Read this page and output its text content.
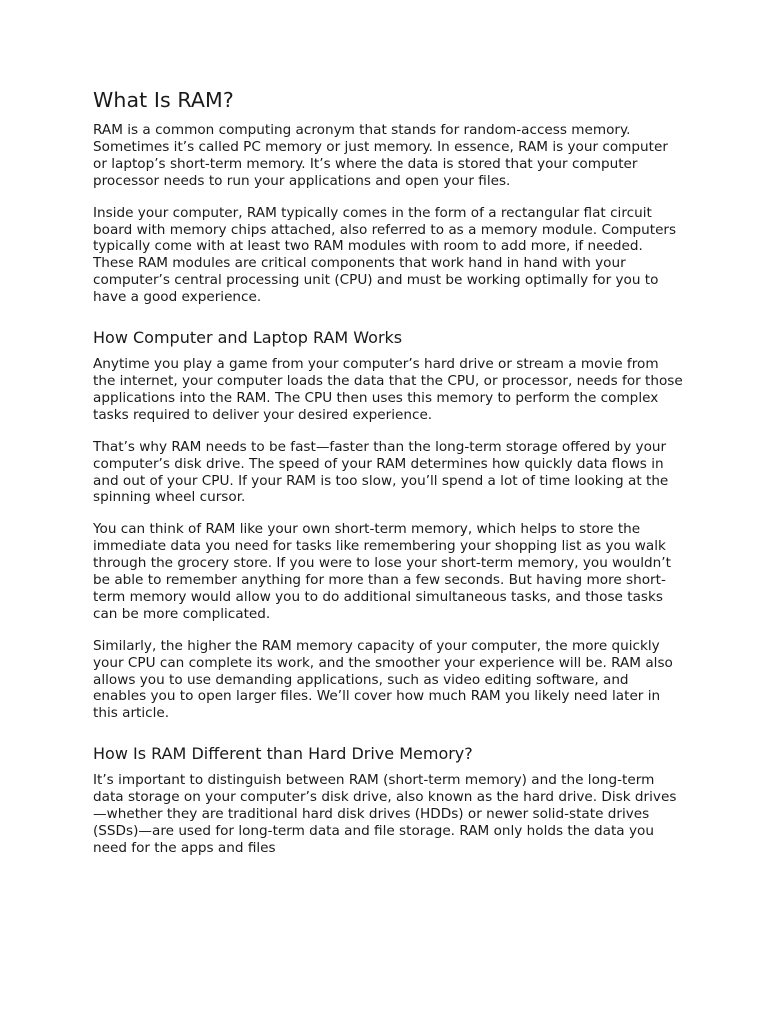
What Is RAM?

RAM is a common computing acronym that stands for random-access memory. Sometimes it’s called PC memory or just memory. In essence, RAM is your computer or laptop’s short-term memory. It’s where the data is stored that your computer processor needs to run your applications and open your files.

Inside your computer, RAM typically comes in the form of a rectangular flat circuit board with memory chips attached, also referred to as a memory module. Computers typically come with at least two RAM modules with room to add more, if needed. These RAM modules are critical components that work hand in hand with your computer’s central processing unit (CPU) and must be working optimally for you to have a good experience.

How Computer and Laptop RAM Works

Anytime you play a game from your computer’s hard drive or stream a movie from the internet, your computer loads the data that the CPU, or processor, needs for those applications into the RAM. The CPU then uses this memory to perform the complex tasks required to deliver your desired experience.

That’s why RAM needs to be fast—faster than the long-term storage offered by your computer’s disk drive. The speed of your RAM determines how quickly data flows in and out of your CPU. If your RAM is too slow, you’ll spend a lot of time looking at the spinning wheel cursor.

You can think of RAM like your own short-term memory, which helps to store the immediate data you need for tasks like remembering your shopping list as you walk through the grocery store. If you were to lose your short-term memory, you wouldn’t be able to remember anything for more than a few seconds. But having more short-term memory would allow you to do additional simultaneous tasks, and those tasks can be more complicated.

Similarly, the higher the RAM memory capacity of your computer, the more quickly your CPU can complete its work, and the smoother your experience will be. RAM also allows you to use demanding applications, such as video editing software, and enables you to open larger files. We’ll cover how much RAM you likely need later in this article.

How Is RAM Different than Hard Drive Memory?

It’s important to distinguish between RAM (short-term memory) and the long-term data storage on your computer’s disk drive, also known as the hard drive. Disk drives—whether they are traditional hard disk drives (HDDs) or newer solid-state drives (SSDs)—are used for long-term data and file storage. RAM only holds the data you need for the apps and files
